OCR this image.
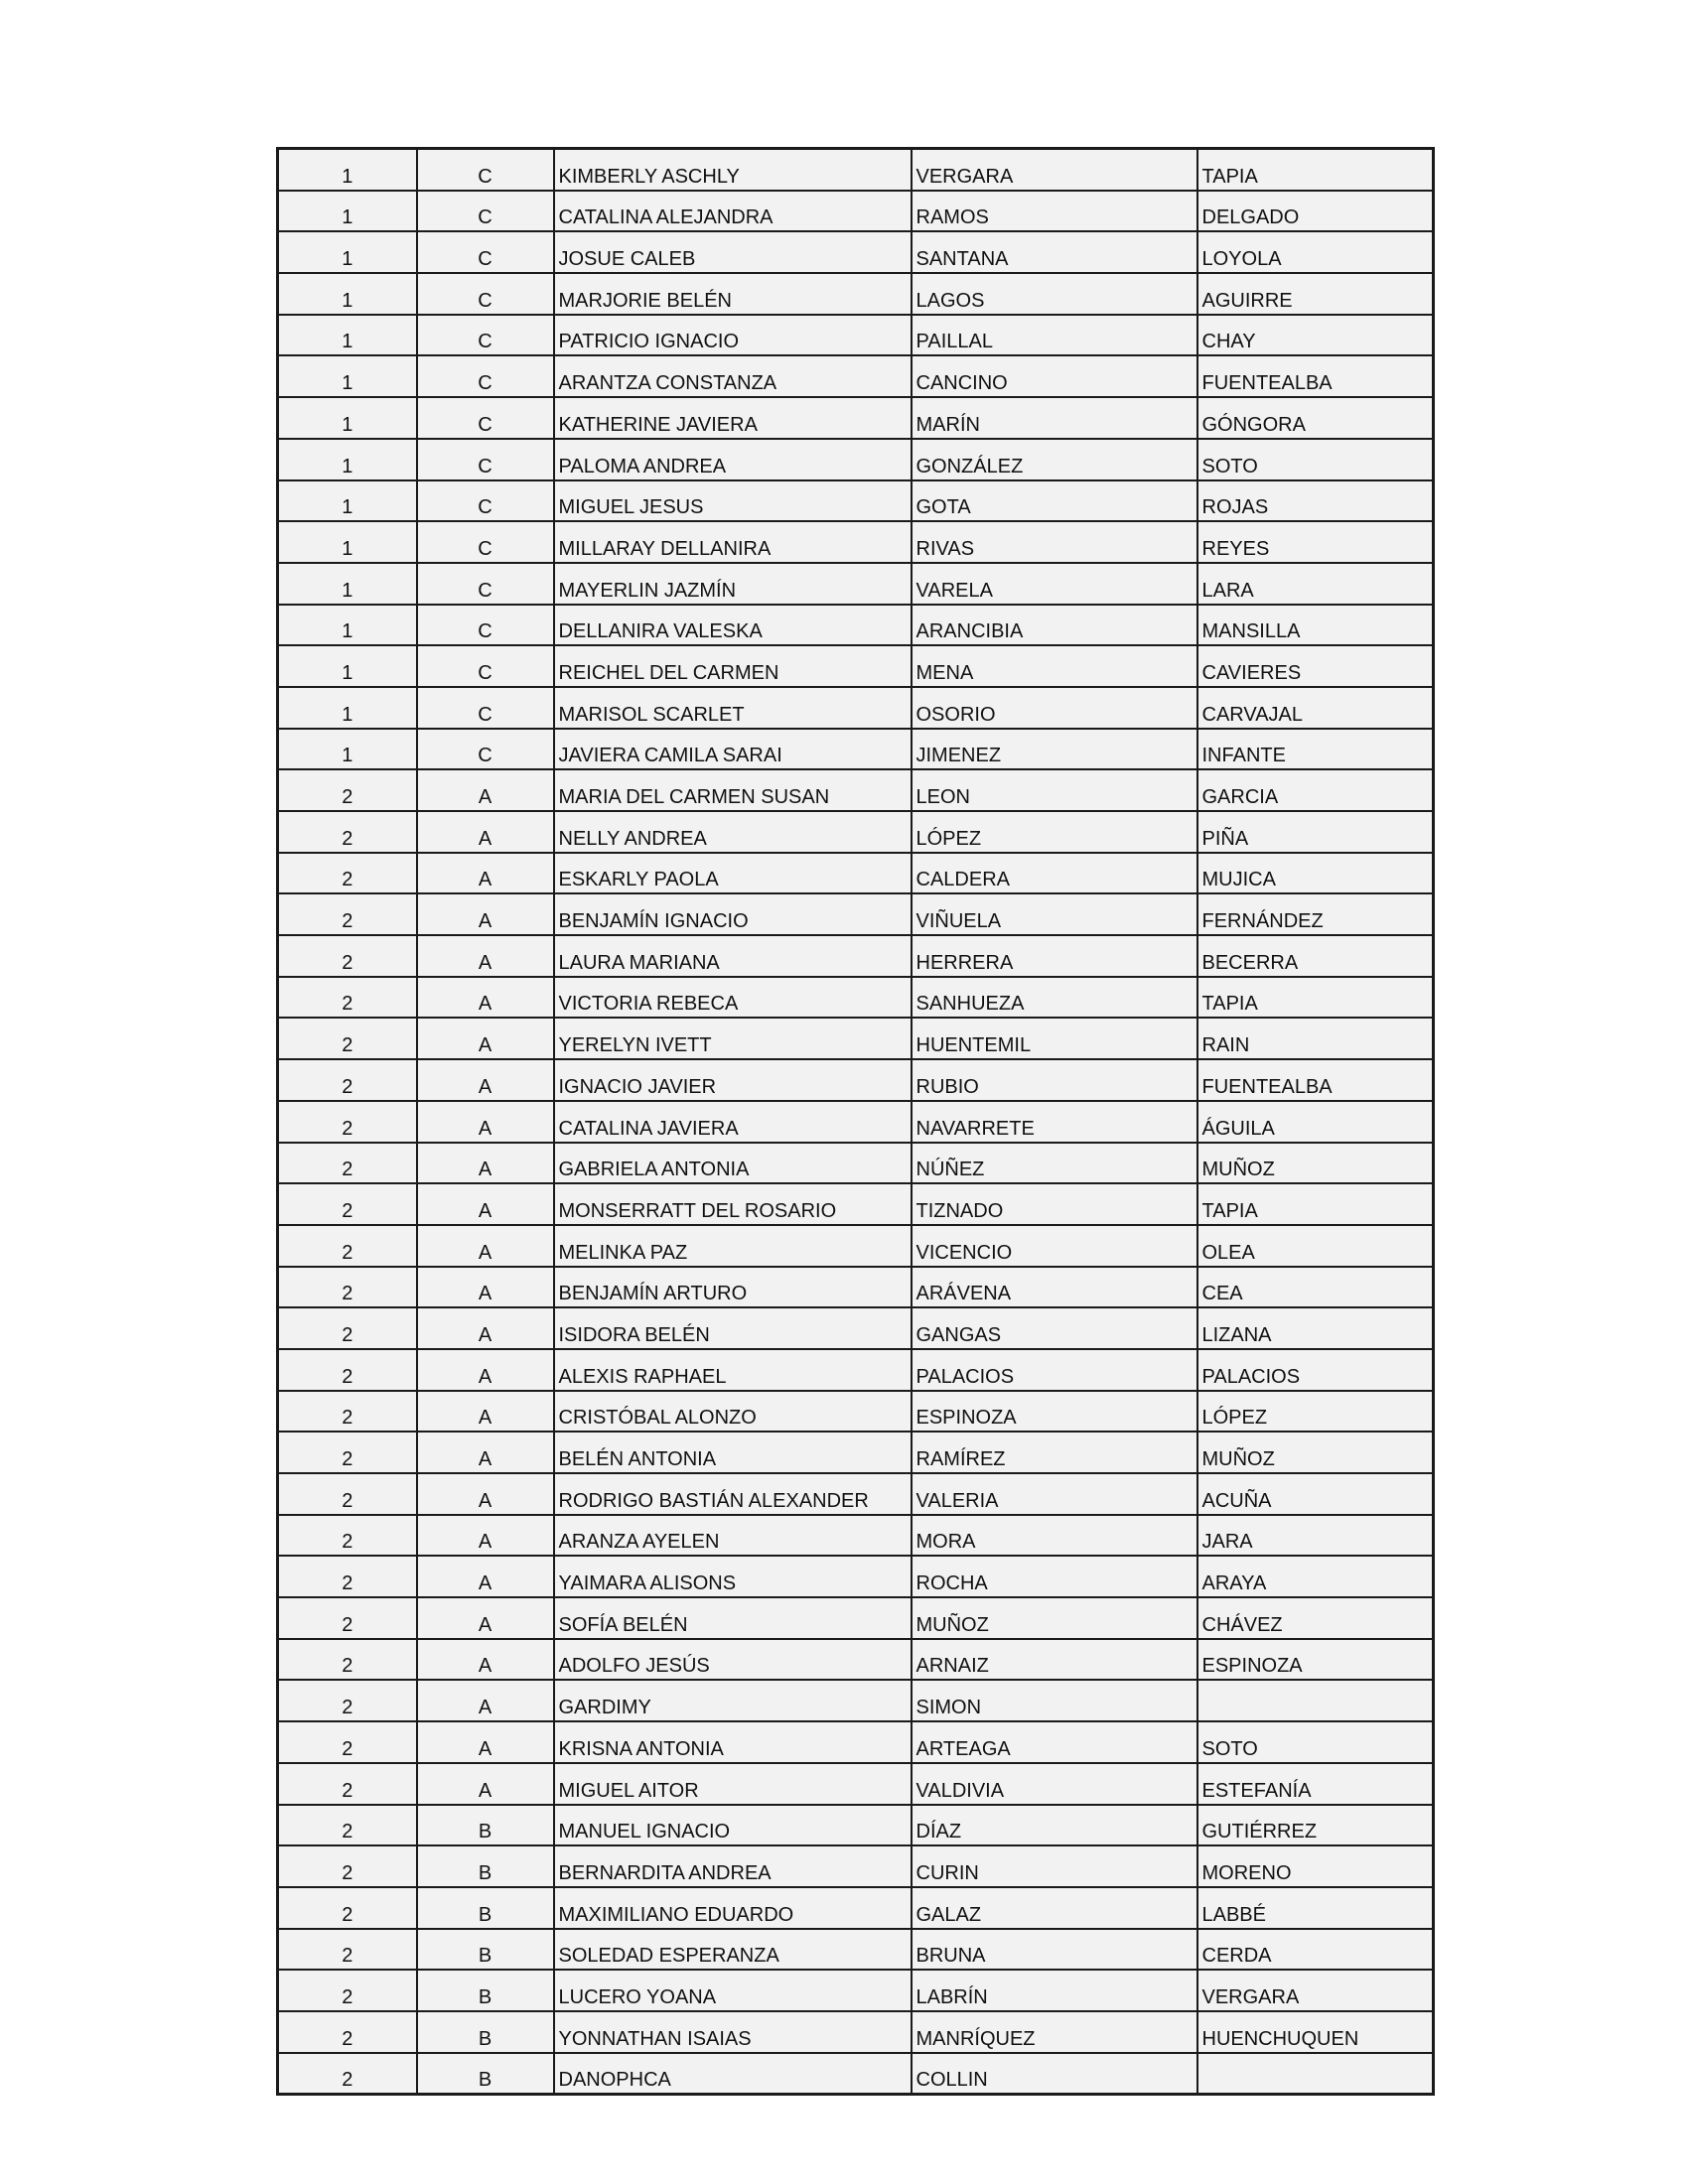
1	C	KIMBERLY ASCHLY	VERGARA	TAPIA
1	C	CATALINA ALEJANDRA	RAMOS	DELGADO
1	C	JOSUE CALEB	SANTANA	LOYOLA
1	C	MARJORIE BELÉN	LAGOS	AGUIRRE
1	C	PATRICIO IGNACIO	PAILLAL	CHAY
1	C	ARANTZA CONSTANZA	CANCINO	FUENTEALBA
1	C	KATHERINE JAVIERA	MARÍN	GÓNGORA
1	C	PALOMA ANDREA	GONZÁLEZ	SOTO
1	C	MIGUEL JESUS	GOTA	ROJAS
1	C	MILLARAY DELLANIRA	RIVAS	REYES
1	C	MAYERLIN JAZMÍN	VARELA	LARA
1	C	DELLANIRA VALESKA	ARANCIBIA	MANSILLA
1	C	REICHEL DEL CARMEN	MENA	CAVIERES
1	C	MARISOL SCARLET	OSORIO	CARVAJAL
1	C	JAVIERA CAMILA SARAI	JIMENEZ	INFANTE
2	A	MARIA DEL CARMEN SUSAN	LEON	GARCIA
2	A	NELLY ANDREA	LÓPEZ	PIÑA
2	A	ESKARLY PAOLA	CALDERA	MUJICA
2	A	BENJAMÍN IGNACIO	VIÑUELA	FERNÁNDEZ
2	A	LAURA MARIANA	HERRERA	BECERRA
2	A	VICTORIA REBECA	SANHUEZA	TAPIA
2	A	YERELYN IVETT	HUENTEMIL	RAIN
2	A	IGNACIO JAVIER	RUBIO	FUENTEALBA
2	A	CATALINA JAVIERA	NAVARRETE	ÁGUILA
2	A	GABRIELA ANTONIA	NÚÑEZ	MUÑOZ
2	A	MONSERRATT DEL ROSARIO	TIZNADO	TAPIA
2	A	MELINKA PAZ	VICENCIO	OLEA
2	A	BENJAMÍN ARTURO	ARÁVENA	CEA
2	A	ISIDORA BELÉN	GANGAS	LIZANA
2	A	ALEXIS RAPHAEL	PALACIOS	PALACIOS
2	A	CRISTÓBAL ALONZO	ESPINOZA	LÓPEZ
2	A	BELÉN ANTONIA	RAMÍREZ	MUÑOZ
2	A	RODRIGO BASTIÁN ALEXANDER	VALERIA	ACUÑA
2	A	ARANZA AYELEN	MORA	JARA
2	A	YAIMARA ALISONS	ROCHA	ARAYA
2	A	SOFÍA BELÉN	MUÑOZ	CHÁVEZ
2	A	ADOLFO JESÚS	ARNAIZ	ESPINOZA
2	A	GARDIMY	SIMON	
2	A	KRISNA ANTONIA	ARTEAGA	SOTO
2	A	MIGUEL AITOR	VALDIVIA	ESTEFANÍA
2	B	MANUEL IGNACIO	DÍAZ	GUTIÉRREZ
2	B	BERNARDITA ANDREA	CURIN	MORENO
2	B	MAXIMILIANO EDUARDO	GALAZ	LABBÉ
2	B	SOLEDAD ESPERANZA	BRUNA	CERDA
2	B	LUCERO YOANA	LABRÍN	VERGARA
2	B	YONNATHAN ISAIAS	MANRÍQUEZ	HUENCHUQUEN
2	B	DANOPHCA	COLLIN	
